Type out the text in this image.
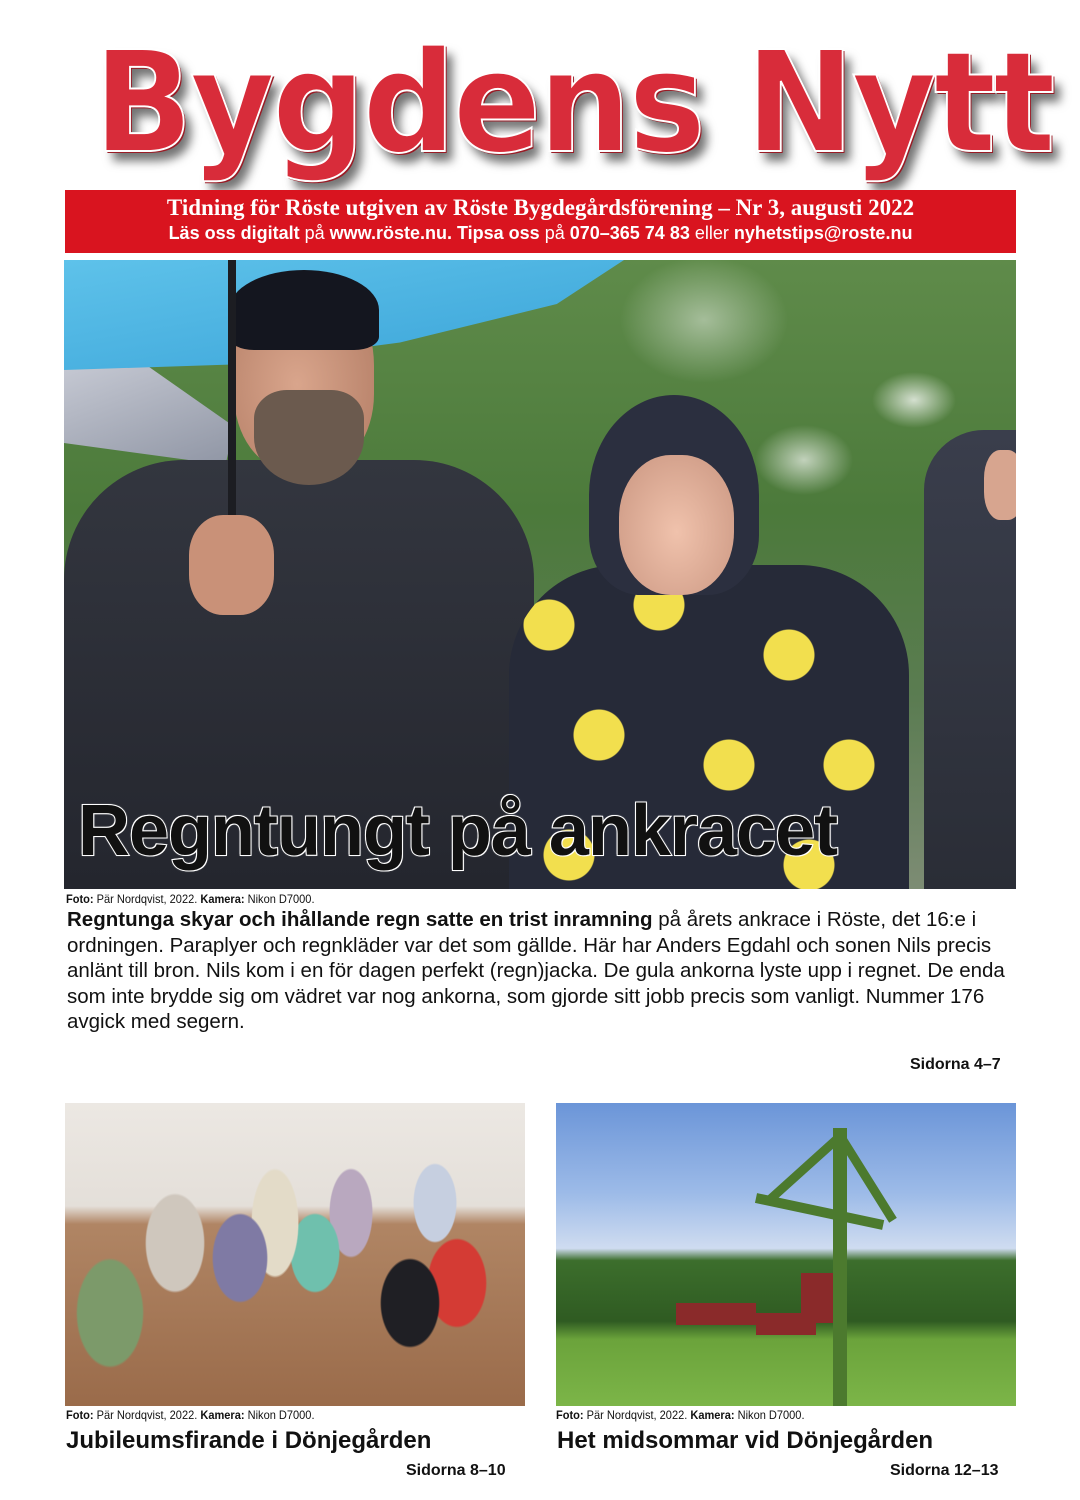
Bygdens Nytt
Tidning för Röste utgiven av Röste Bygdegårdsförening – Nr 3, augusti 2022
Läs oss digitalt på www.röste.nu. Tipsa oss på 070–365 74 83 eller nyhetstips@roste.nu
Regntungt på ankracet
Foto: Pär Nordqvist, 2022. Kamera: Nikon D7000.
Regntunga skyar och ihållande regn satte en trist inramning på årets ankrace i Röste, det 16:e i ordningen. Paraplyer och regnkläder var det som gällde. Här har Anders Egdahl och sonen Nils precis anlänt till bron. Nils kom i en för dagen perfekt (regn)jacka. De gula ankorna lyste upp i regnet. De enda som inte brydde sig om vädret var nog ankorna, som gjorde sitt jobb precis som vanligt. Nummer 176 avgick med segern.
Sidorna 4–7
Foto: Pär Nordqvist, 2022. Kamera: Nikon D7000.
Jubileumsfirande i Dönjegården
Sidorna 8–10
Foto: Pär Nordqvist, 2022. Kamera: Nikon D7000.
Het midsommar vid Dönjegården
Sidorna 12–13
